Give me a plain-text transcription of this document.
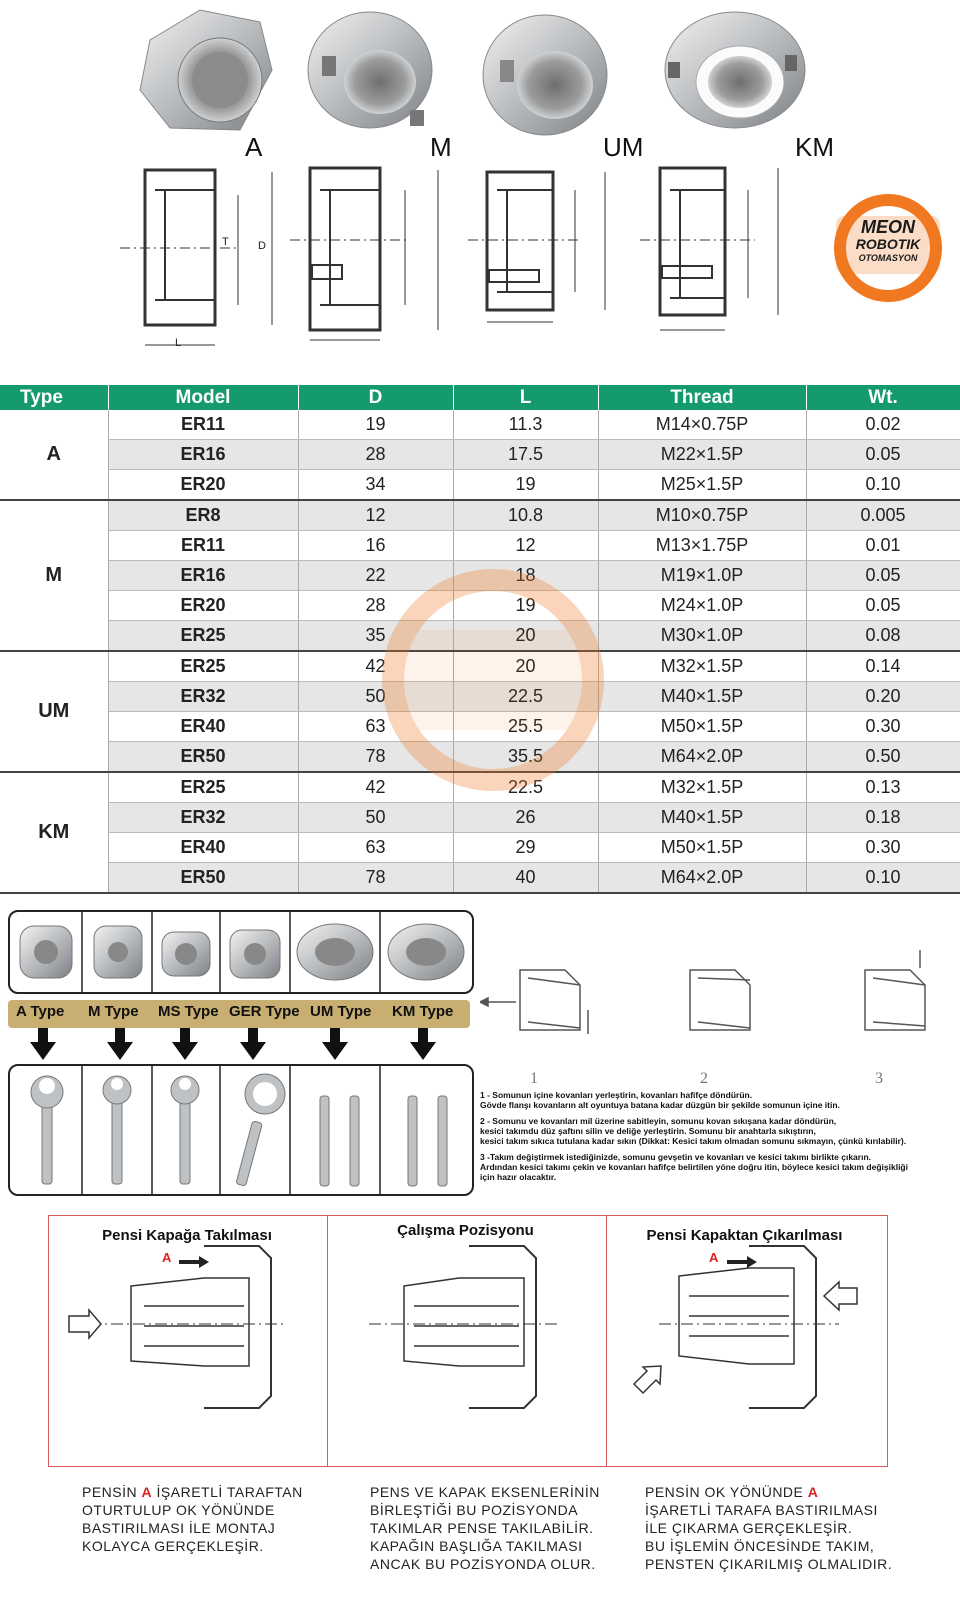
A	M	UM	KM
T	D
L
MEON
ROBOTIK
OTOMASYON
Type	Model	D	L	Thread	Wt.
A	ER11	19	11.3	M14×0.75P	0.02
	ER16	28	17.5	M22×1.5P	0.05
	ER20	34	19	M25×1.5P	0.10
M	ER8	12	10.8	M10×0.75P	0.005
	ER11	16	12	M13×1.75P	0.01
	ER16	22	18	M19×1.0P	0.05
	ER20	28	19	M24×1.0P	0.05
	ER25	35	20	M30×1.0P	0.08
UM	ER25	42	20	M32×1.5P	0.14
	ER32	50	22.5	M40×1.5P	0.20
	ER40	63	25.5	M50×1.5P	0.30
	ER50	78	35.5	M64×2.0P	0.50
KM	ER25	42	22.5	M32×1.5P	0.13
	ER32	50	26	M40×1.5P	0.18
	ER40	63	29	M50×1.5P	0.30
	ER50	78	40	M64×2.0P	0.10
A Type M Type MS Type GER Type UM Type KM Type
1	2	3

1 - Somunun içine kovanları yerleştirin, kovanları hafifçe döndürün.
Gövde flanşı kovanların alt oyuntuya batana kadar düzgün bir şekilde somunun içine itin.

2 - Somunu ve kovanları mil üzerine sabitleyin, somunu kovan sıkışana kadar döndürün,
kesici takımdu düz şaftını silin ve deliğe yerleştirin. Somunu bir anahtarla sıkıştırın,
kesici takım sıkıca tutulana kadar sıkın (Dikkat: Kesici takım olmadan somunu sıkmayın, çünkü kırılabilir).

3 -Takım değiştirmek istediğinizde, somunu gevşetin ve kovanları ve kesici takımı birlikte çıkarın.
Ardından kesici takımı çekin ve kovanları hafifçe belirtilen yöne doğru itin, böylece kesici takım değişikliği
için hazır olacaktır.

A	A
Pensi Kapağa Takılması	Çalışma Pozisyonu	Pensi Kapaktan Çıkarılması
PENSİN A İŞARETLİ TARAFTAN
OTURTULUP OK YÖNÜNDE
BASTIRILMASI İLE MONTAJ
KOLAYCA GERÇEKLEŞİR.
PENS VE KAPAK EKSENLERİNİN
BİRLEŞTİĞİ BU POZİSYONDA
TAKIMLAR PENSE TAKILABİLİR.
KAPAĞIN BAŞLIĞA TAKILMASI
ANCAK BU POZİSYONDA OLUR.
PENSİN OK YÖNÜNDE A
İŞARETLİ TARAFA BASTIRILMASI
İLE ÇIKARMA GERÇEKLEŞİR.
BU İŞLEMİN ÖNCESİNDE TAKIM,
PENSTEN ÇIKARILMIŞ OLMALIDIR.
